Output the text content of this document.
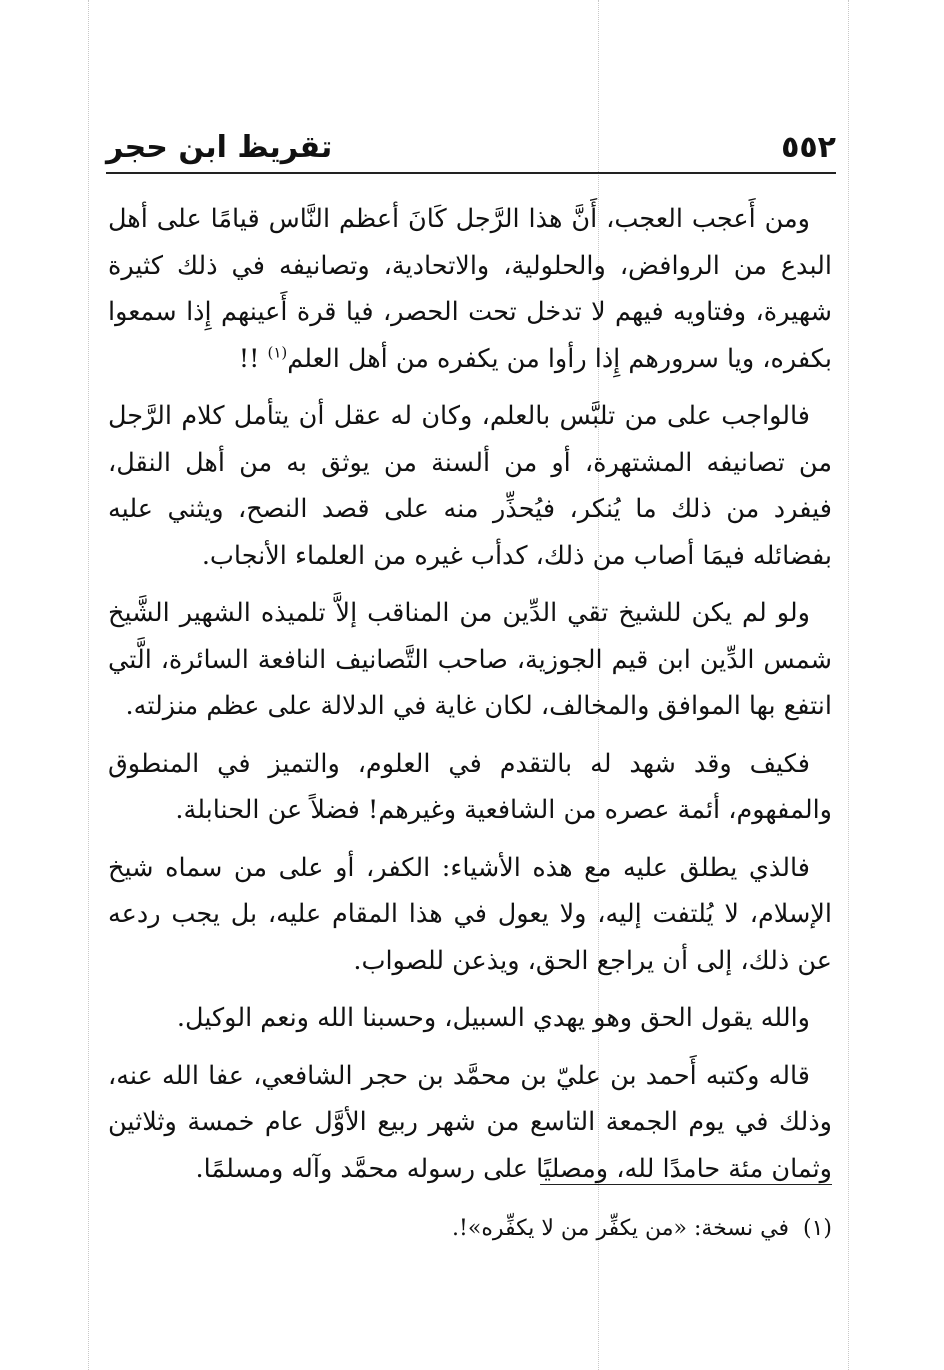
٥٥٢
تقريظ ابن حجر

ومن أَعجب العجب، أَنَّ هذا الرَّجل كَانَ أعظم النَّاس قيامًا على أهل البدع من الروافض، والحلولية، والاتحادية، وتصانيفه في ذلك كثيرة شهيرة، وفتاويه فيهم لا تدخل تحت الحصر، فيا قرة أَعينهم إِذا سمعوا بكفره، ويا سرورهم إِذا رأوا من يكفره من أهل العلم$^{(١)}$ !!

فالواجب على من تلبَّس بالعلم، وكان له عقل أن يتأمل كلام الرَّجل من تصانيفه المشتهرة، أو من ألسنة من يوثق به من أهل النقل، فيفرد من ذلك ما يُنكر، فيُحذِّر منه على قصد النصح، ويثني عليه بفضائله فيمَا أصاب من ذلك، كدأب غيره من العلماء الأنجاب.

ولو لم يكن للشيخ تقي الدِّين من المناقب إلاَّ تلميذه الشهير الشَّيخ شمس الدِّين ابن قيم الجوزية، صاحب التَّصانيف النافعة السائرة، الَّتي انتفع بها الموافق والمخالف، لكان غاية في الدلالة على عظم منزلته.

فكيف وقد شهد له بالتقدم في العلوم، والتميز في المنطوق والمفهوم، أئمة عصره من الشافعية وغيرهم! فضلاً عن الحنابلة.

فالذي يطلق عليه مع هذه الأشياء: الكفر، أو على من سماه شيخ الإسلام، لا يُلتفت إليه، ولا يعول في هذا المقام عليه، بل يجب ردعه عن ذلك، إلى أن يراجع الحق، ويذعن للصواب.

والله يقول الحق وهو يهدي السبيل، وحسبنا الله ونعم الوكيل.

قاله وكتبه أَحمد بن عليّ بن محمَّد بن حجر الشافعي، عفا الله عنه، وذلك في يوم الجمعة التاسع من شهر ربيع الأوَّل عام خمسة وثلاثين وثمان مئة حامدًا لله، ومصليًا على رسوله محمَّد وآله ومسلمًا.

(١)في نسخة: «من يكفِّر من لا يكفِّره»!.
